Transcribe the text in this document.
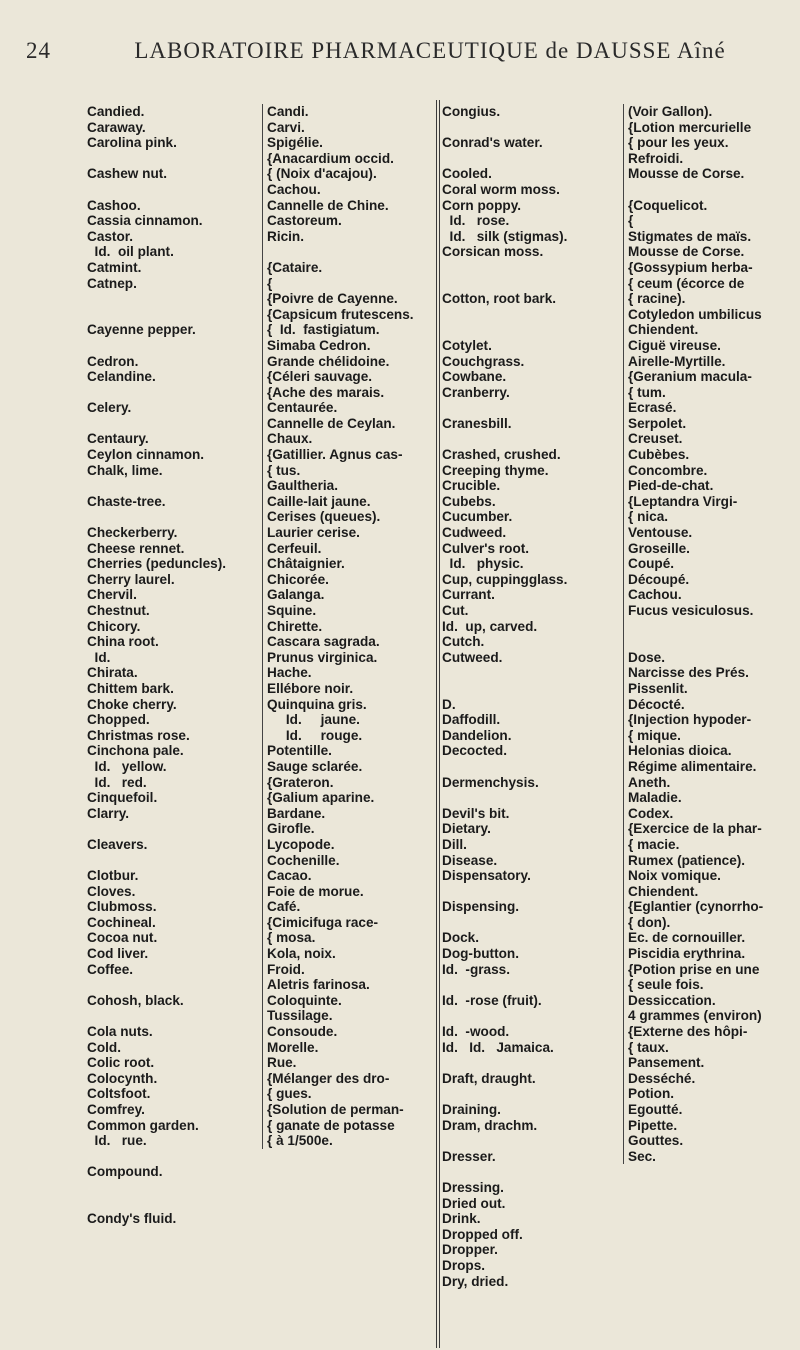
24	LABORATOIRE PHARMACEUTIQUE de DAUSSE Aîné
Candied.
Caraway.
Carolina pink.
Cashew nut.
Cashoo.
Cassia cinnamon.
Castor.
Id.  oil plant.
Catmint.
Catnep.
Cayenne pepper.
Cedron.
Celandine.
Celery.
Centaury.
Ceylon cinnamon.
Chalk, lime.
Chaste-tree.
Checkerberry.
Cheese rennet.
Cherries (peduncles).
Cherry laurel.
Chervil.
Chestnut.
Chicory.
China root.
Id.
Chirata.
Chittem bark.
Choke cherry.
Chopped.
Christmas rose.
Cinchona pale.
Id.   yellow.
Id.   red.
Cinquefoil.
Clarry.
Cleavers.
Clotbur.
Cloves.
Clubmoss.
Cochineal.
Cocoa nut.
Cod liver.
Coffee.
Cohosh, black.
Cola nuts.
Cold.
Colic root.
Colocynth.
Coltsfoot.
Comfrey.
Common garden.
Id.   rue.
Compound.
Condy's fluid.
Candi.
Carvi.
Spigélie.
{Anacardium occid.
{ (Noix d'acajou).
Cachou.
Cannelle de Chine.
Castoreum.
Ricin.
{Cataire.
{
{Poivre de Cayenne.
{Capsicum frutescens.
{  Id.  fastigiatum.
Simaba Cedron.
Grande chélidoine.
{Céleri sauvage.
{Ache des marais.
Centaurée.
Cannelle de Ceylan.
Chaux.
{Gatillier. Agnus cas-
{ tus.
Gaultheria.
Caille-lait jaune.
Cerises (queues).
Laurier cerise.
Cerfeuil.
Châtaignier.
Chicorée.
Galanga.
Squine.
Chirette.
Cascara sagrada.
Prunus virginica.
Hache.
Ellébore noir.
Quinquina gris.
Id.     jaune.
Id.     rouge.
Potentille.
Sauge sclarée.
{Grateron.
{Galium aparine.
Bardane.
Girofle.
Lycopode.
Cochenille.
Cacao.
Foie de morue.
Café.
{Cimicifuga race-
{ mosa.
Kola, noix.
Froid.
Aletris farinosa.
Coloquinte.
Tussilage.
Consoude.
Morelle.
Rue.
{Mélanger des dro-
{ gues.
{Solution de perman-
{ ganate de potasse
{ à 1/500e.
Congius.
Conrad's water.
Cooled.
Coral worm moss.
Corn poppy.
Id.   rose.
Id.   silk (stigmas).
Corsican moss.
Cotton, root bark.
Cotylet.
Couchgrass.
Cowbane.
Cranberry.
Cranesbill.
Crashed, crushed.
Creeping thyme.
Crucible.
Cubebs.
Cucumber.
Cudweed.
Culver's root.
Id.   physic.
Cup, cuppingglass.
Currant.
Cut.
Id.  up, carved.
Cutch.
Cutweed.
D.
Daffodill.
Dandelion.
Decocted.
Dermenchysis.
Devil's bit.
Dietary.
Dill.
Disease.
Dispensatory.
Dispensing.
Dock.
Dog-button.
Id.  -grass.
Id.  -rose (fruit).
Id.  -wood.
Id.   Id.   Jamaica.
Draft, draught.
Draining.
Dram, drachm.
Dresser.
Dressing.
Dried out.
Drink.
Dropped off.
Dropper.
Drops.
Dry, dried.
(Voir Gallon).
{Lotion mercurielle
{ pour les yeux.
Refroidi.
Mousse de Corse.
{Coquelicot.
{
Stigmates de maïs.
Mousse de Corse.
{Gossypium herba-
{ ceum (écorce de
{ racine).
Cotyledon umbilicus
Chiendent.
Ciguë vireuse.
Airelle-Myrtille.
{Geranium macula-
{ tum.
Ecrasé.
Serpolet.
Creuset.
Cubèbes.
Concombre.
Pied-de-chat.
{Leptandra Virgi-
{ nica.
Ventouse.
Groseille.
Coupé.
Découpé.
Cachou.
Fucus vesiculosus.
Dose.
Narcisse des Prés.
Pissenlit.
Décocté.
{Injection hypoder-
{ mique.
Helonias dioica.
Régime alimentaire.
Aneth.
Maladie.
Codex.
{Exercice de la phar-
{ macie.
Rumex (patience).
Noix vomique.
Chiendent.
{Eglantier (cynorrho-
{ don).
Ec. de cornouiller.
Piscidia erythrina.
{Potion prise en une
{ seule fois.
Dessiccation.
4 grammes (environ)
{Externe des hôpi-
{ taux.
Pansement.
Desséché.
Potion.
Egoutté.
Pipette.
Gouttes.
Sec.
